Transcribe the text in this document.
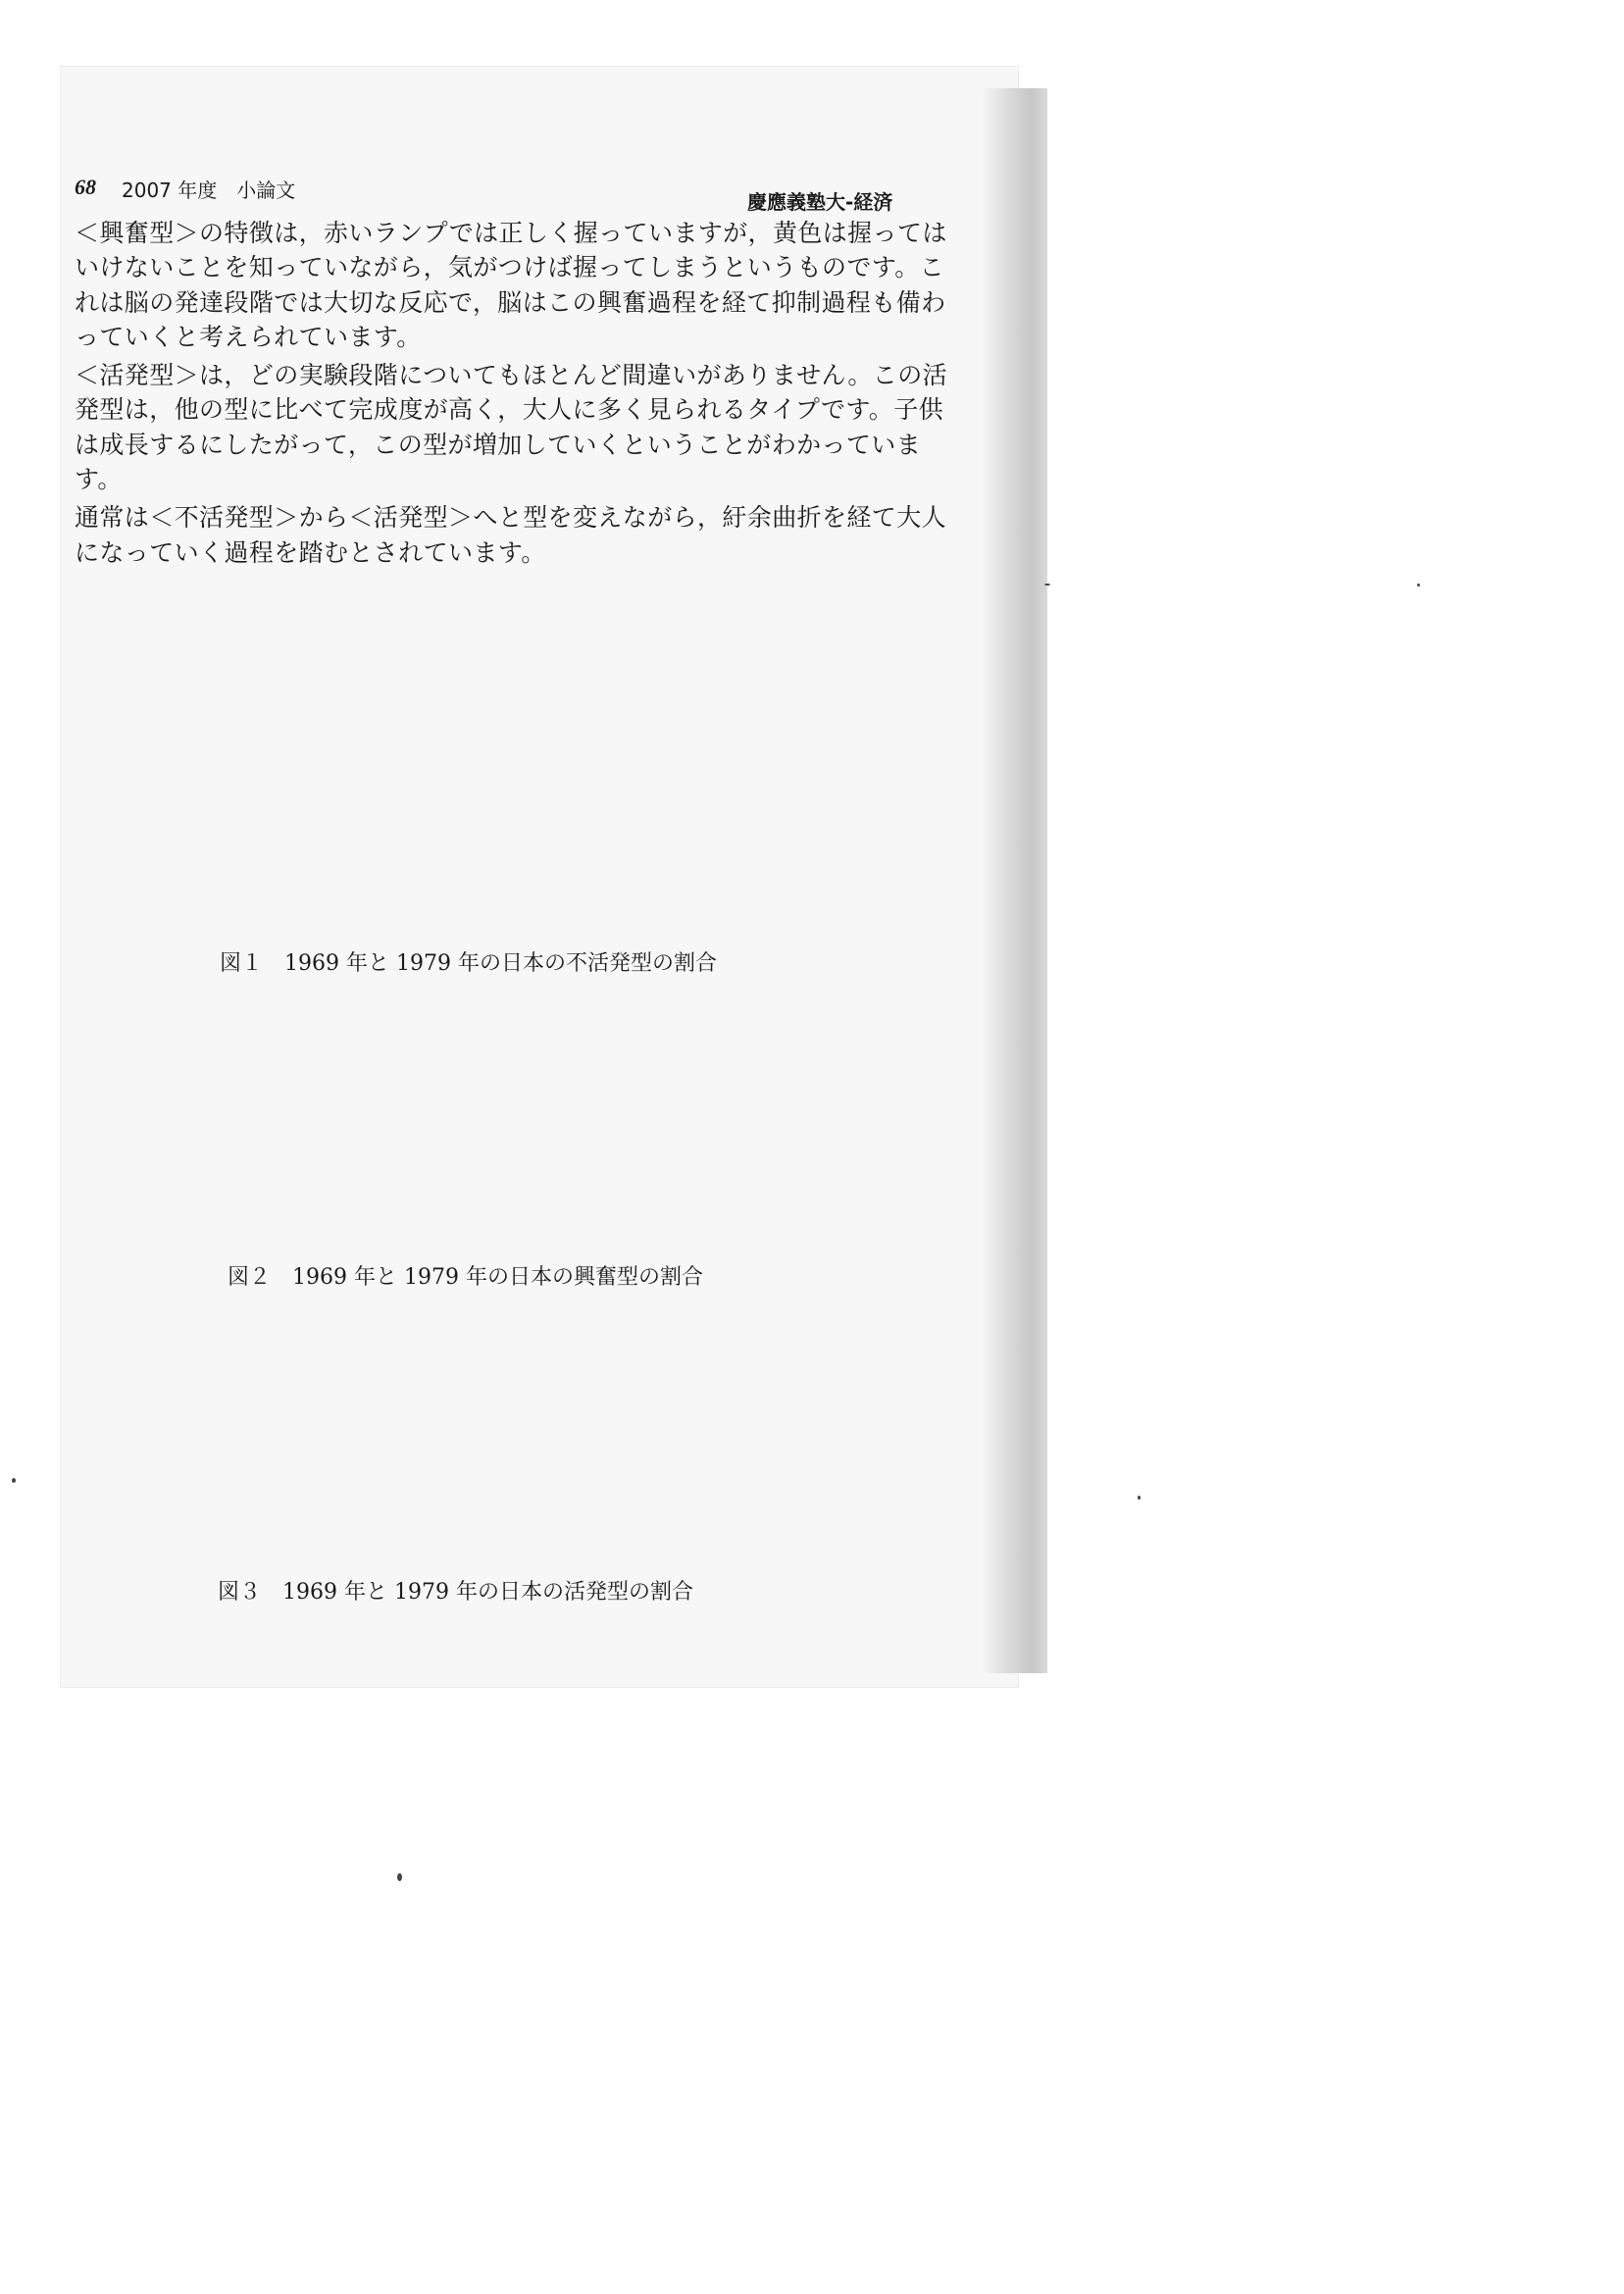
68 2007 年度　小論文	慶應義塾大-経済

＜興奮型＞の特徴は，赤いランプでは正しく握っていますが，黄色は握ってはいけないことを知っていながら，気がつけば握ってしまうというものです。これは脳の発達段階では大切な反応で，脳はこの興奮過程を経て抑制過程も備わっていくと考えられています。

＜活発型＞は，どの実験段階についてもほとんど間違いがありません。この活発型は，他の型に比べて完成度が高く，大人に多く見られるタイプです。子供は成長するにしたがって，この型が増加していくということがわかっています。

通常は＜不活発型＞から＜活発型＞へと型を変えながら，紆余曲折を経て大人になっていく過程を踏むとされています。

図１　1969 年と 1979 年の日本の不活発型の割合
図２　1969 年と 1979 年の日本の興奮型の割合
図３　1969 年と 1979 年の日本の活発型の割合
